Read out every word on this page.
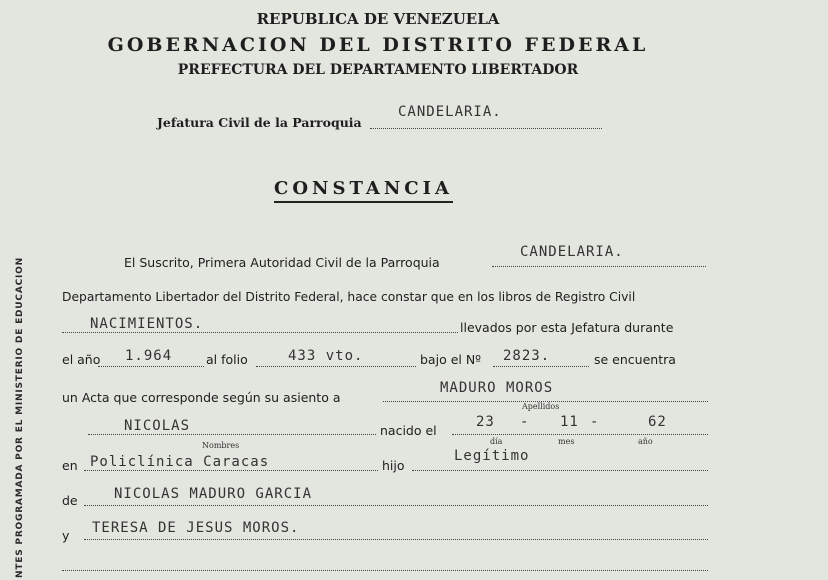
REPUBLICA DE VENEZUELA
GOBERNACION DEL DISTRITO FEDERAL
PREFECTURA DEL DEPARTAMENTO LIBERTADOR
Jefatura Civil de la Parroquia
CANDELARIA.
CONSTANCIA
El Suscrito, Primera Autoridad Civil de la Parroquia
CANDELARIA.
Departamento Libertador del Distrito Federal, hace constar que en los libros de Registro Civil
NACIMIENTOS.	llevados por esta Jefatura durante
el año 1.964	al folio	433 vto.	bajo el Nº 2823.	se encuentra
un Acta que corresponde según su asiento a
MADURO MOROS
Apellidos
NICOLAS
Nombres
nacido el
23 - 11 -	62
día	mes	año
en Policlínica Caracas	hijo
Legítimo
de	NICOLAS MADURO GARCIA
y TERESA DE JESUS MOROS.
NTES PROGRAMADA POR EL MINISTERIO DE EDUCACION
